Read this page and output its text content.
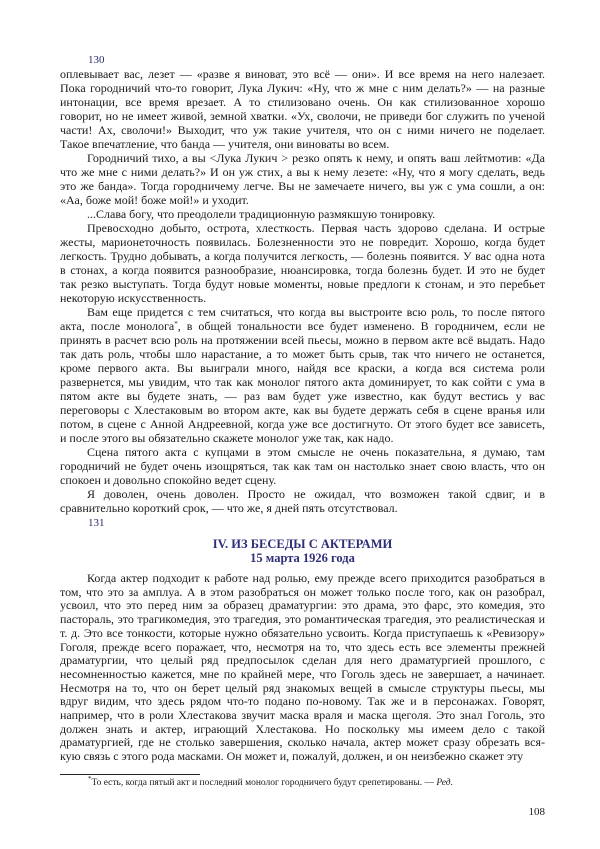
130
оплевывает вас, лезет — «разве я виноват, это всё — они». И все время на него налезает.
Пока городничий что-то говорит, Лука Лукич: «Ну, что ж мне с ним делать?» — на разные
интонации, все время врезает. А то стилизовано очень. Он как стилизованное хорошо
говорит, но не имеет живой, земной хватки. «Ух, сволочи, не приведи бог служить по ученой
части! Ах, сволочи!» Выходит, что уж такие учителя, что он с ними ничего не поделает.
Такое впечатление, что банда — учителя, они виноваты во всем.
Городничий тихо, а вы <Лука Лукич > резко опять к нему, и опять ваш лейтмотив: «Да
что же мне с ними делать?» И он уж стих, а вы к нему лезете: «Ну, что я могу сделать, ведь
это же банда». Тогда городничему легче. Вы не замечаете ничего, вы уж с ума сошли, а он:
«Аа, боже мой! боже мой!» и уходит.
...Слава богу, что преодолели традиционную размякшую тонировку.
Превосходно добыто, острота, хлесткость. Первая часть здорово сделана. И острые
жесты, марионеточность появилась. Болезненности это не повредит. Хорошо, когда будет
легкость. Трудно добывать, а когда получится легкость, — болезнь появится. У вас одна нота
в стонах, а когда появится разнообразие, нюансировка, тогда болезнь будет. И это не будет
так резко выступать. Тогда будут новые моменты, новые предлоги к стонам, и это перебьет
некоторую искусственность.
Вам еще придется с тем считаться, что когда вы выстроите всю роль, то после пятого
акта, после монолога*, в общей тональности все будет изменено. В городничем, если не
принять в расчет всю роль на протяжении всей пьесы, можно в первом акте всё выдать. Надо
так дать роль, чтобы шло нарастание, а то может быть срыв, так что ничего не останется,
кроме первого акта. Вы выиграли много, найдя все краски, а когда вся система роли
развернется, мы увидим, что так как монолог пятого акта доминирует, то как сойти с ума в
пятом акте вы будете знать, — раз вам будет уже известно, как будут вестись у вас
переговоры с Хлестаковым во втором акте, как вы будете держать себя в сцене вранья или
потом, в сцене с Анной Андреевной, когда уже все достигнуто. От этого будет все зависеть,
и после этого вы обязательно скажете монолог уже так, как надо.
Сцена пятого акта с купцами в этом смысле не очень показательна, я думаю, там
городничий не будет очень изощряться, так как там он настолько знает свою власть, что он
спокоен и довольно спокойно ведет сцену.
Я доволен, очень доволен. Просто не ожидал, что возможен такой сдвиг, и в
сравнительно короткий срок, — что же, я дней пять отсутствовал.
131
IV. ИЗ БЕСЕДЫ С АКТЕРАМИ
15 марта 1926 года
Когда актер подходит к работе над ролью, ему прежде всего приходится разобраться в
том, что это за амплуа. А в этом разобраться он может только после того, как он разобрал,
усвоил, что это перед ним за образец драматургии: это драма, это фарс, это комедия, это
пастораль, это трагикомедия, это трагедия, это романтическая трагедия, это реалистическая и
т. д. Это все тонкости, которые нужно обязательно усвоить. Когда приступаешь к «Ревизору»
Гоголя, прежде всего поражает, что, несмотря на то, что здесь есть все элементы прежней
драматургии, что целый ряд предпосылок сделан для него драматургией прошлого, с
несомненностью кажется, мне по крайней мере, что Гоголь здесь не завершает, а начинает.
Несмотря на то, что он берет целый ряд знакомых вещей в смысле структуры пьесы, мы
вдруг видим, что здесь рядом что-то подано по-новому. Так же и в персонажах. Говорят,
например, что в роли Хлестакова звучит маска враля и маска щеголя. Это знал Гоголь, это
должен знать и актер, играющий Хлестакова. Но поскольку мы имеем дело с такой
драматургией, где не столько завершения, сколько начала, актер может сразу обрезать вся-
кую связь с этого рода масками. Он может и, пожалуй, должен, и он неизбежно скажет эту
*То есть, когда пятый акт и последний монолог городничего будут срепетированы. — Ред.
108
